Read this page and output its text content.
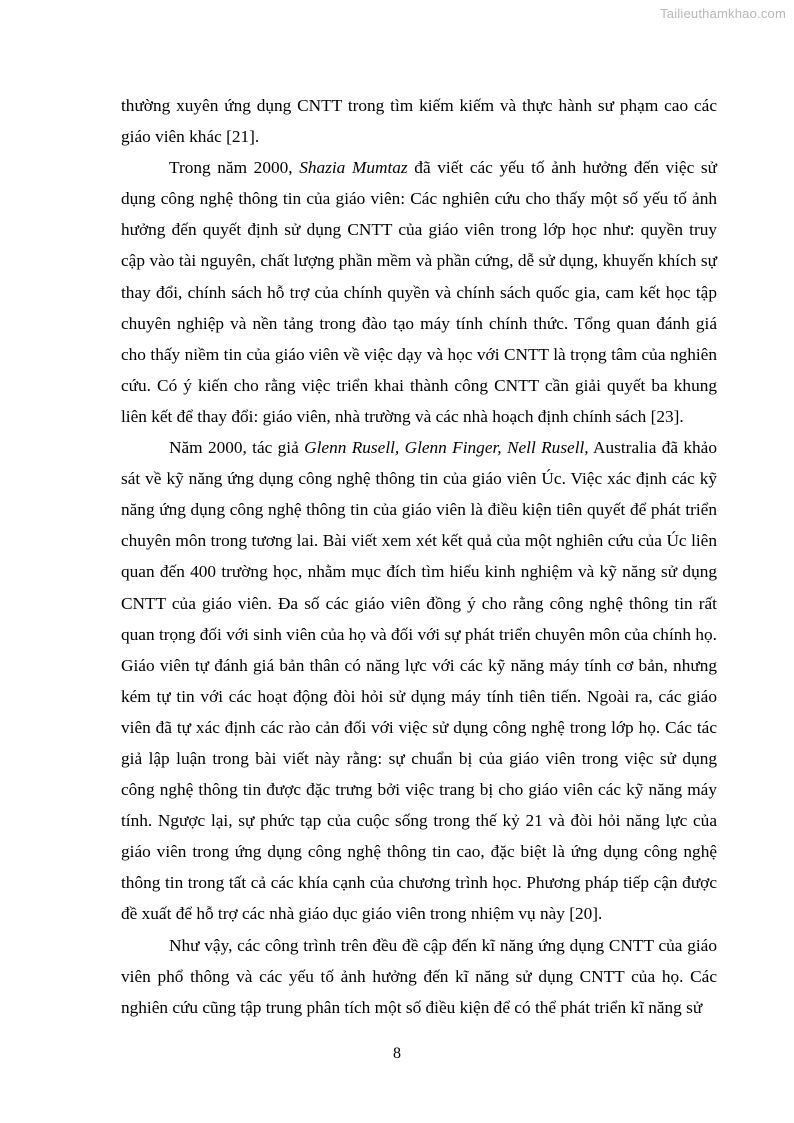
Tailieuthamkhao.com

thường xuyên ứng dụng CNTT trong tìm kiếm kiếm và thực hành sư phạm cao các giáo viên khác [21].

Trong năm 2000, Shazia Mumtaz đã viết các yếu tố ảnh hưởng đến việc sử dụng công nghệ thông tin của giáo viên: Các nghiên cứu cho thấy một số yếu tố ảnh hưởng đến quyết định sử dụng CNTT của giáo viên trong lớp học như: quyền truy cập vào tài nguyên, chất lượng phần mềm và phần cứng, dễ sử dụng, khuyến khích sự thay đổi, chính sách hỗ trợ của chính quyền và chính sách quốc gia, cam kết học tập chuyên nghiệp và nền tảng trong đào tạo máy tính chính thức. Tổng quan đánh giá cho thấy niềm tin của giáo viên về việc dạy và học với CNTT là trọng tâm của nghiên cứu. Có ý kiến cho rằng việc triển khai thành công CNTT cần giải quyết ba khung liên kết để thay đổi: giáo viên, nhà trường và các nhà hoạch định chính sách [23].

Năm 2000, tác giả Glenn Rusell, Glenn Finger, Nell Rusell, Australia đã khảo sát về kỹ năng ứng dụng công nghệ thông tin của giáo viên Úc. Việc xác định các kỹ năng ứng dụng công nghệ thông tin của giáo viên là điều kiện tiên quyết để phát triển chuyên môn trong tương lai. Bài viết xem xét kết quả của một nghiên cứu của Úc liên quan đến 400 trường học, nhằm mục đích tìm hiểu kinh nghiệm và kỹ năng sử dụng CNTT của giáo viên. Đa số các giáo viên đồng ý cho rằng công nghệ thông tin rất quan trọng đối với sinh viên của họ và đối với sự phát triển chuyên môn của chính họ. Giáo viên tự đánh giá bản thân có năng lực với các kỹ năng máy tính cơ bản, nhưng kém tự tin với các hoạt động đòi hỏi sử dụng máy tính tiên tiến. Ngoài ra, các giáo viên đã tự xác định các rào cản đối với việc sử dụng công nghệ trong lớp họ. Các tác giả lập luận trong bài viết này rằng: sự chuẩn bị của giáo viên trong việc sử dụng công nghệ thông tin được đặc trưng bởi việc trang bị cho giáo viên các kỹ năng máy tính. Ngược lại, sự phức tạp của cuộc sống trong thế kỷ 21 và đòi hỏi năng lực của giáo viên trong ứng dụng công nghệ thông tin cao, đặc biệt là ứng dụng công nghệ thông tin trong tất cả các khía cạnh của chương trình học. Phương pháp tiếp cận được đề xuất để hỗ trợ các nhà giáo dục giáo viên trong nhiệm vụ này [20].

Như vậy, các công trình trên đều đề cập đến kĩ năng ứng dụng CNTT của giáo viên phổ thông và các yếu tố ảnh hưởng đến kĩ năng sử dụng CNTT của họ. Các nghiên cứu cũng tập trung phân tích một số điều kiện để có thể phát triển kĩ năng sử

8
